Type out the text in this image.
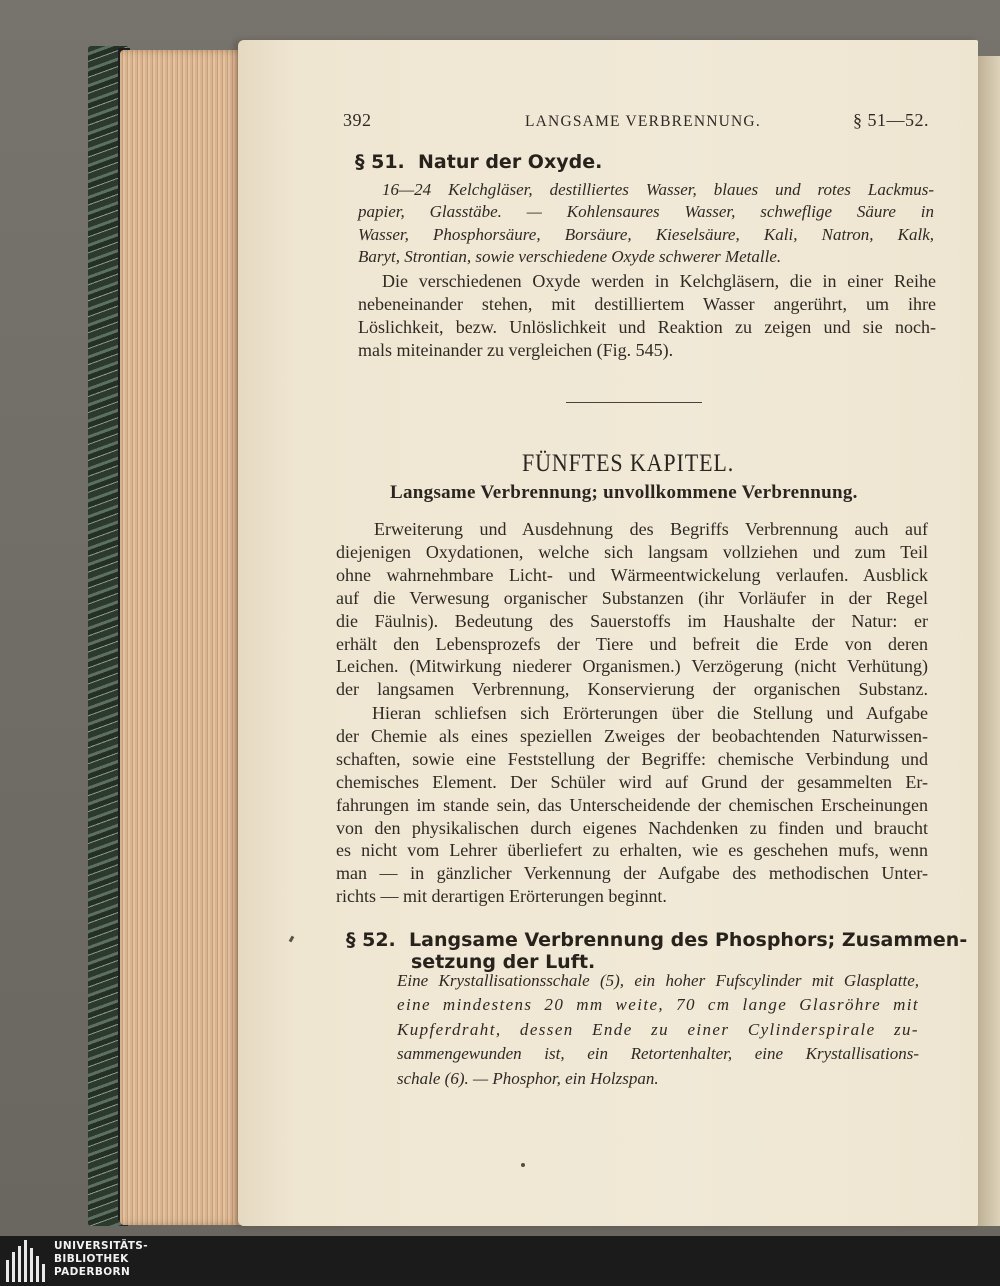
392	LANGSAME VERBRENNUNG.	§ 51—52.
§ 51. Natur der Oxyde.
16—24 Kelchgläser, destilliertes Wasser, blaues und rotes Lackmus-
papier, Glasstäbe. — Kohlensaures Wasser, schweflige Säure in
Wasser, Phosphorsäure, Borsäure, Kieselsäure, Kali, Natron, Kalk,
Baryt, Strontian, sowie verschiedene Oxyde schwerer Metalle.
Die verschiedenen Oxyde werden in Kelchgläsern, die in einer Reihe
nebeneinander stehen, mit destilliertem Wasser angerührt, um ihre
Löslichkeit, bezw. Unlöslichkeit und Reaktion zu zeigen und sie noch-
mals miteinander zu vergleichen (Fig. 545).
FÜNFTES KAPITEL.
Langsame Verbrennung; unvollkommene Verbrennung.
Erweiterung und Ausdehnung des Begriffs Verbrennung auch auf
diejenigen Oxydationen, welche sich langsam vollziehen und zum Teil
ohne wahrnehmbare Licht- und Wärmeentwickelung verlaufen. Ausblick
auf die Verwesung organischer Substanzen (ihr Vorläufer in der Regel
die Fäulnis). Bedeutung des Sauerstoffs im Haushalte der Natur: er
erhält den Lebensprozefs der Tiere und befreit die Erde von deren
Leichen. (Mitwirkung niederer Organismen.) Verzögerung (nicht Verhütung)
der langsamen Verbrennung, Konservierung der organischen Substanz.
Hieran schliefsen sich Erörterungen über die Stellung und Aufgabe
der Chemie als eines speziellen Zweiges der beobachtenden Naturwissen-
schaften, sowie eine Feststellung der Begriffe: chemische Verbindung und
chemisches Element. Der Schüler wird auf Grund der gesammelten Er-
fahrungen im stande sein, das Unterscheidende der chemischen Erscheinungen
von den physikalischen durch eigenes Nachdenken zu finden und braucht
es nicht vom Lehrer überliefert zu erhalten, wie es geschehen mufs, wenn
man — in gänzlicher Verkennung der Aufgabe des methodischen Unter-
richts — mit derartigen Erörterungen beginnt.
§ 52. Langsame Verbrennung des Phosphors; Zusammen-
setzung der Luft.
Eine Krystallisationsschale (5), ein hoher Fufscylinder mit Glasplatte,
eine mindestens 20 mm weite, 70 cm lange Glasröhre mit
Kupferdraht, dessen Ende zu einer Cylinderspirale zu-
sammengewunden ist, ein Retortenhalter, eine Krystallisations-
schale (6). — Phosphor, ein Holzspan.
UNIVERSITÄTS-
BIBLIOTHEK
PADERBORN
